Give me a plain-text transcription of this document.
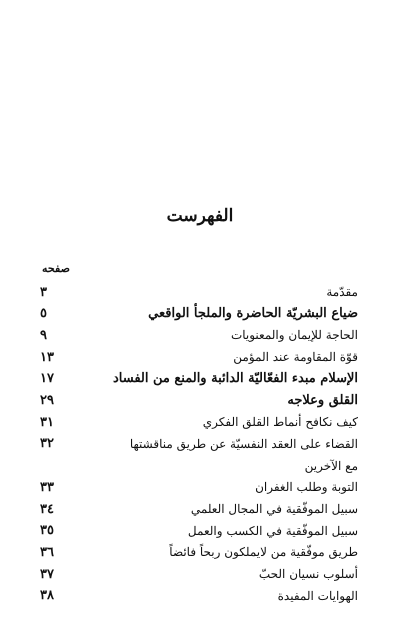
الفهرست
صفحه
٣	مقدّمة
٥	ضياع البشريّة الحاضرة والملجأ الواقعي
٩	الحاجة للإيمان والمعنويات
١٣	قوّة المقاومة عند المؤمن
١٧	الإسلام مبدء الفعّاليّة الدائبة والمنع من الفساد
٢٩	القلق وعلاجه
٣١	كيف نكافح أنماط القلق الفكري
٣٢	القضاء على العقد النفسيّة عن طريق مناقشتها
مع الآخرين
٣٣	التوبة وطلب الغفران
٣٤	سبيل الموفّقية في المجال العلمي
٣٥	سبيل الموفّقية في الكسب والعمل
٣٦	طريق موفّقية من لايملكون ربحاً فائضاً
٣٧	أسلوب نسيان الحبّ
٣٨	الهوايات المفيدة
